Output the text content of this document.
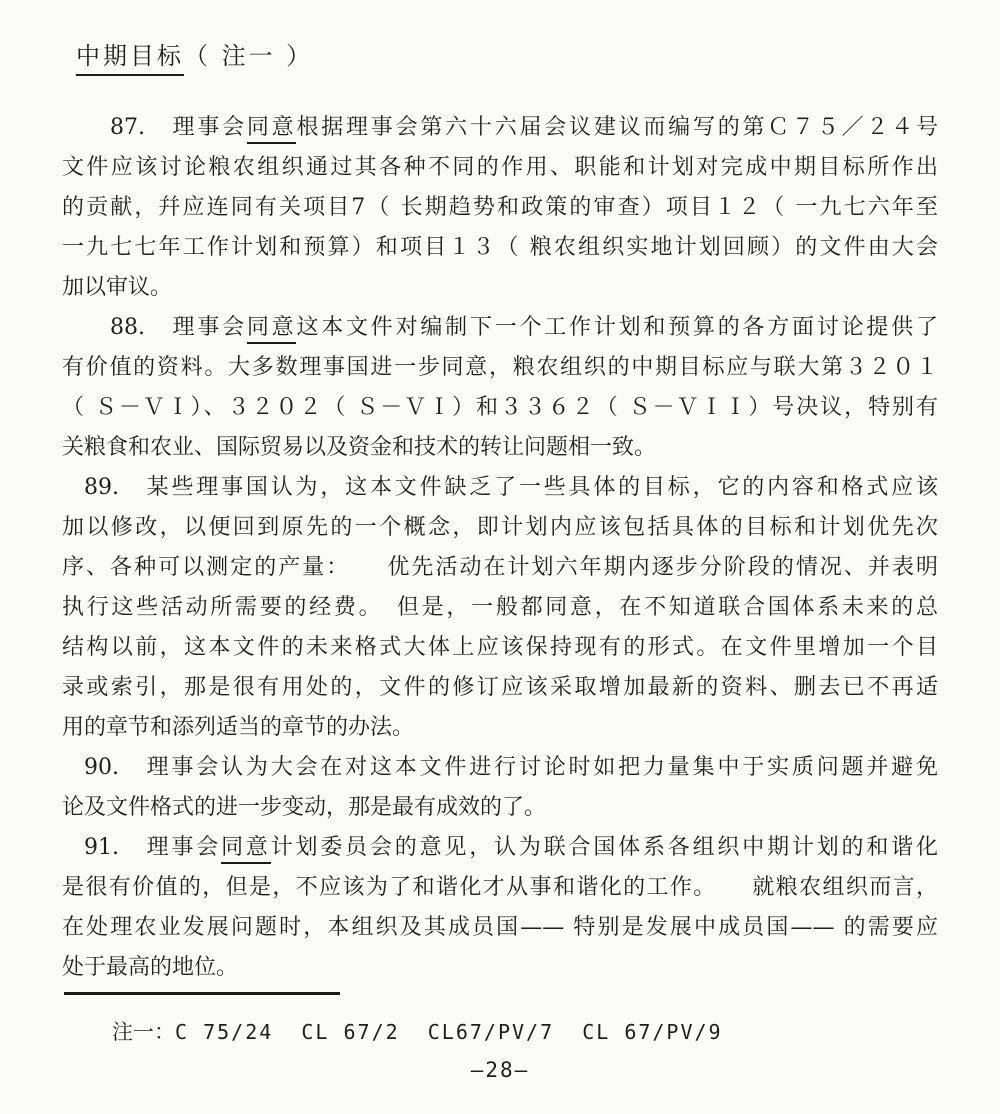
中期目标（ 注一 ）
87.　理事会同意根据理事会第六十六届会议建议而编写的第Ｃ７５／２４号
文件应该讨论粮农组织通过其各种不同的作用、职能和计划对完成中期目标所作出
的贡献，幷应连同有关项目7（ 长期趋势和政策的审查）项目１２（ 一九七六年至
一九七七年工作计划和预算）和项目１３（ 粮农组织实地计划回顾）的文件由大会
加以审议。
88.　理事会同意这本文件对编制下一个工作计划和预算的各方面讨论提供了
有价值的资料。大多数理事国进一步同意，粮农组织的中期目标应与联大第３２０１
（ Ｓ－ＶＩ）、３２０２（ Ｓ－ＶＩ）和３３６２（ Ｓ－ＶＩＩ）号决议，特别有
关粮食和农业、国际贸易以及资金和技术的转让问题相一致。
89.　某些理事国认为，这本文件缺乏了一些具体的目标，它的内容和格式应该
加以修改，以便回到原先的一个概念，即计划内应该包括具体的目标和计划优先次
序、各种可以测定的产量：　　优先活动在计划六年期内逐步分阶段的情况、并表明
执行这些活动所需要的经费。　但是，一般都同意，在不知道联合国体系未来的总
结构以前，这本文件的未来格式大体上应该保持现有的形式。在文件里增加一个目
录或索引，那是很有用处的，文件的修订应该采取增加最新的资料、删去已不再适
用的章节和添列适当的章节的办法。
90.　理事会认为大会在对这本文件进行讨论时如把力量集中于实质问题并避免
论及文件格式的进一步变动，那是最有成效的了。
91.　理事会同意计划委员会的意见，认为联合国体系各组织中期计划的和谐化
是很有价值的，但是，不应该为了和谐化才从事和谐化的工作。　　就粮农组织而言，
在处理农业发展问题时，本组织及其成员国—— 特别是发展中成员国—— 的需要应
处于最高的地位。
注一：C 75/24  CL 67/2  CL67/PV/7  CL 67/PV/9
–28–
